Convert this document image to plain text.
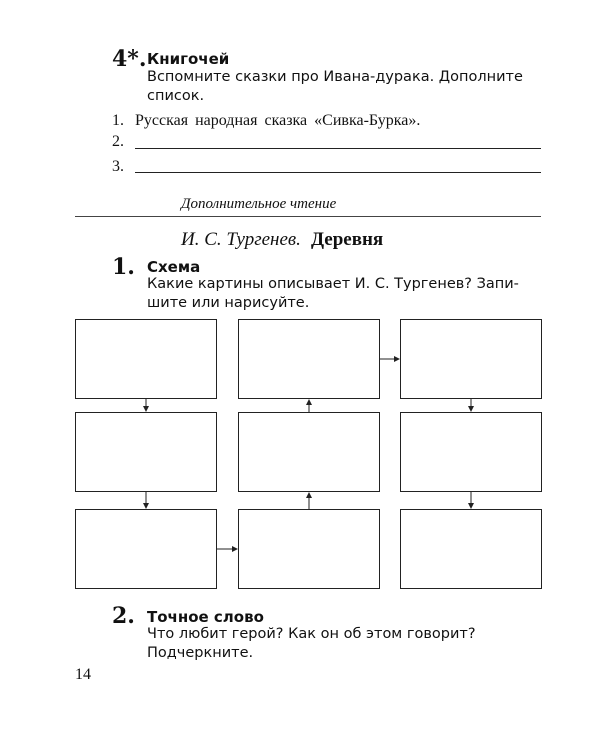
4*. Книгочей
Вспомните сказки про Ивана-дурака. Дополните
список.
1. Русская народная сказка «Сивка-Бурка».
2.
3.
Дополнительное чтение
И. С. Тургенев. Деревня
1. Схема
Какие картины описывает И. С. Тургенев? Запи-
шите или нарисуйте.
2. Точное слово
Что любит герой? Как он об этом говорит?
Подчеркните.
14
